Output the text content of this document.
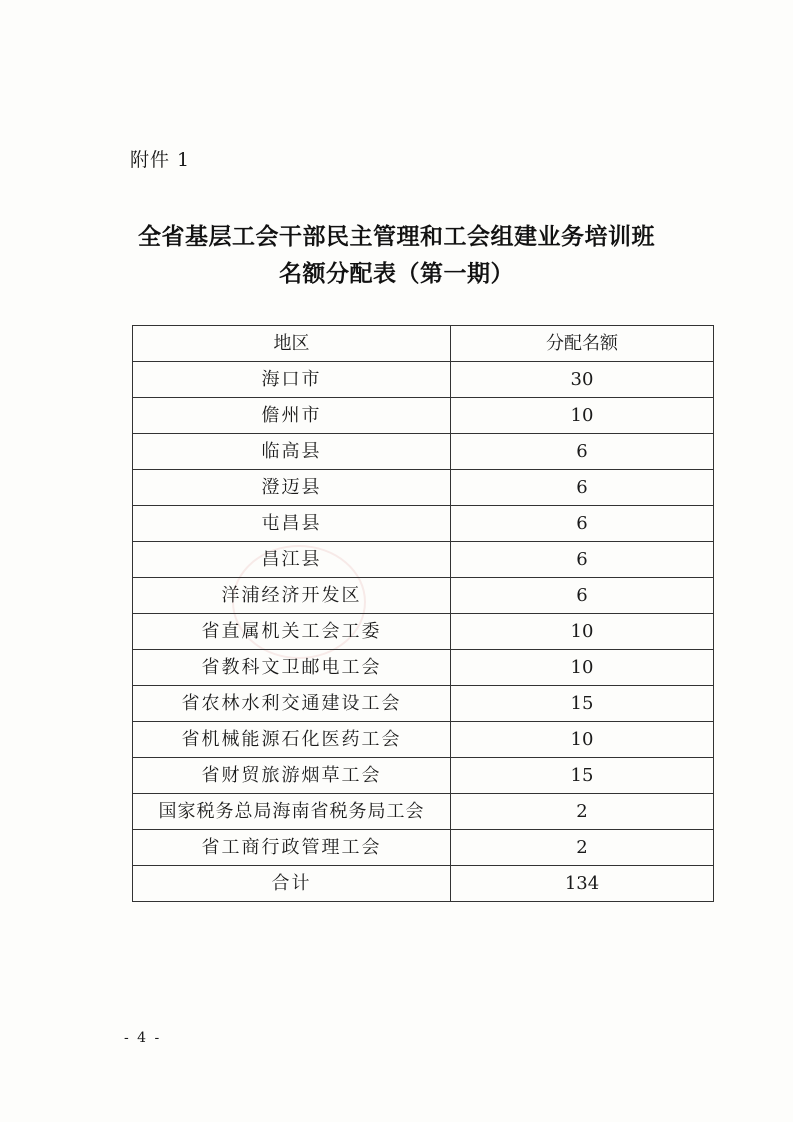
附件 1
全省基层工会干部民主管理和工会组建业务培训班
名额分配表（第一期）
地区	分配名额
海口市	30
儋州市	10
临高县	6
澄迈县	6
屯昌县	6
昌江县	6
洋浦经济开发区	6
省直属机关工会工委	10
省教科文卫邮电工会	10
省农林水利交通建设工会	15
省机械能源石化医药工会	10
省财贸旅游烟草工会	15
国家税务总局海南省税务局工会	2
省工商行政管理工会	2
合计	134
- 4 -
